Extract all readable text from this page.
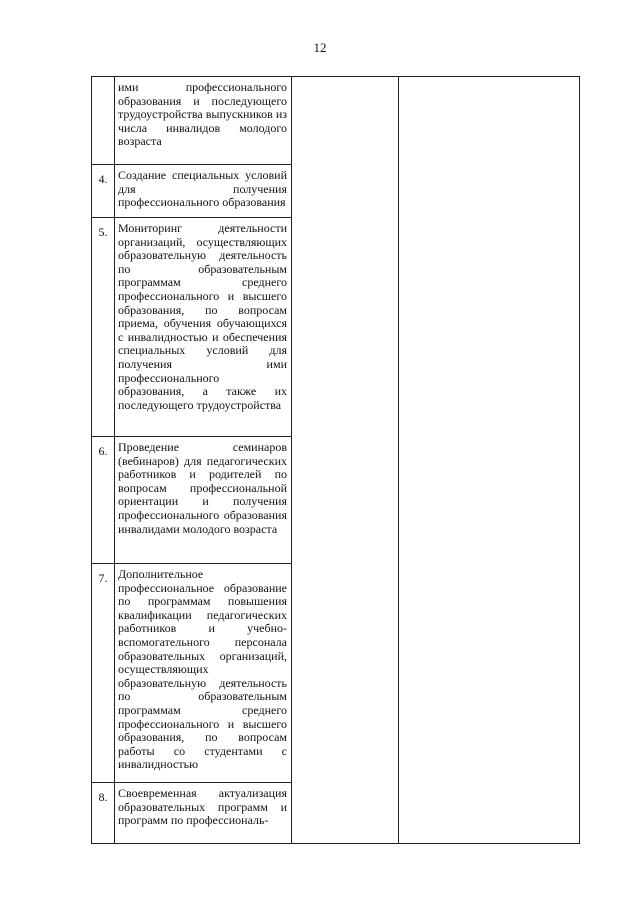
12

	ими профессионального образования и последующего трудоустройства выпускников из числа инвалидов молодого возраста		

4.	Создание специальных условий для получения профессионального образования		

5.	Мониторинг деятельности организаций, осуществляющих образовательную деятельность по образовательным программам среднего профессионального и высшего образования, по вопросам приема, обучения обучающихся с инвалидностью и обеспечения специальных условий для получения ими профессионального образования, а также их последующего трудоустройства		

6.	Проведение семинаров (вебинаров) для педагогических работников и родителей по вопросам профессиональной ориентации и получения профессионального образования инвалидами молодого возраста		

7.	Дополнительное профессиональное образование по программам повышения квалификации педагогических работников и учебно-вспомогательного персонала образовательных организаций, осуществляющих образовательную деятельность по образовательным программам среднего профессионального и высшего образования, по вопросам работы со студентами с инвалидностью		

8.	Своевременная актуализация образовательных программ и программ по профессиональ-		
